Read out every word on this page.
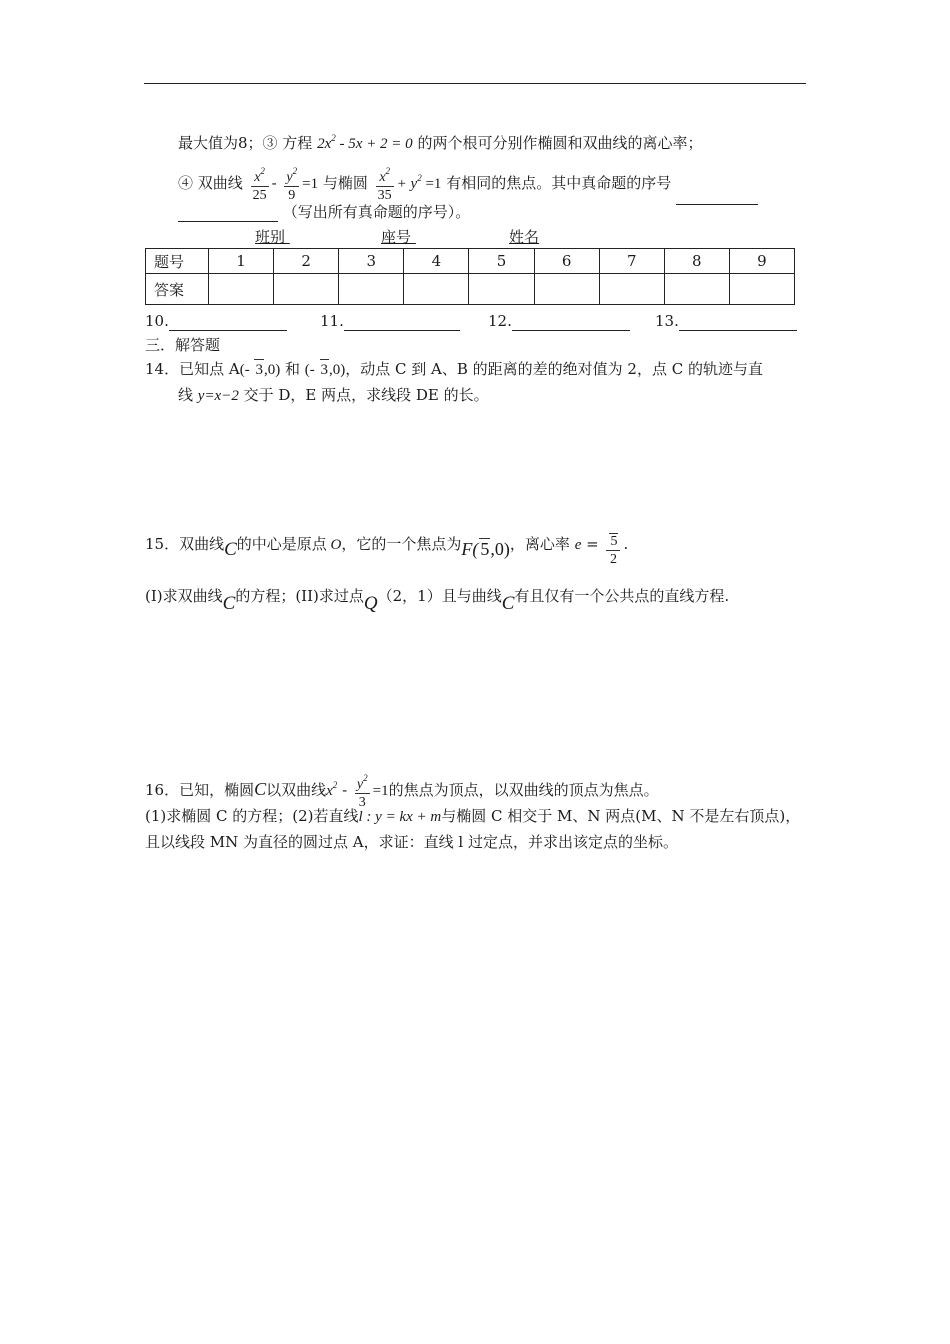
最大值为8；③ 方程 $2x^2 - 5x + 2 = 0$ 的两个根可分别作椭圆和双曲线的离心率；
④ 双曲线 $\frac{x^2}{25} - \frac{y^2}{9} =1$ 与椭圆 $\frac{x^2}{35} + y^2 =1$ 有相同的焦点。其中真命题的序号
（写出所有真命题的序号）。
班别	座号	姓名
题号	1	2	3	4	5	6	7	8	9
答案									
10.	11.	12.	13.
三．解答题
14．已知点 A(- 3,0) 和 (- 3,0)，动点 C 到 A、B 的距离的差的绝对值为 2，点 C 的轨迹与直
线 y=x−2 交于 D，E 两点，求线段 DE 的长。
15．双曲线C的中心是原点 O，它的一个焦点为F( 5,0)，离心率 $e = \frac{5}{2}$ .
(I)求双曲线C的方程；(II)求过点Q（2，1）且与曲线C有且仅有一个公共点的直线方程.
16．已知，椭圆C以双曲线$x^2 - \frac{y^2}{3} =1$的焦点为顶点，以双曲线的顶点为焦点。
(1)求椭圆 C 的方程；(2)若直线l : y = kx + m与椭圆 C 相交于 M、N 两点(M、N 不是左右顶点)，
且以线段 MN 为直径的圆过点 A，求证：直线 l 过定点，并求出该定点的坐标。
